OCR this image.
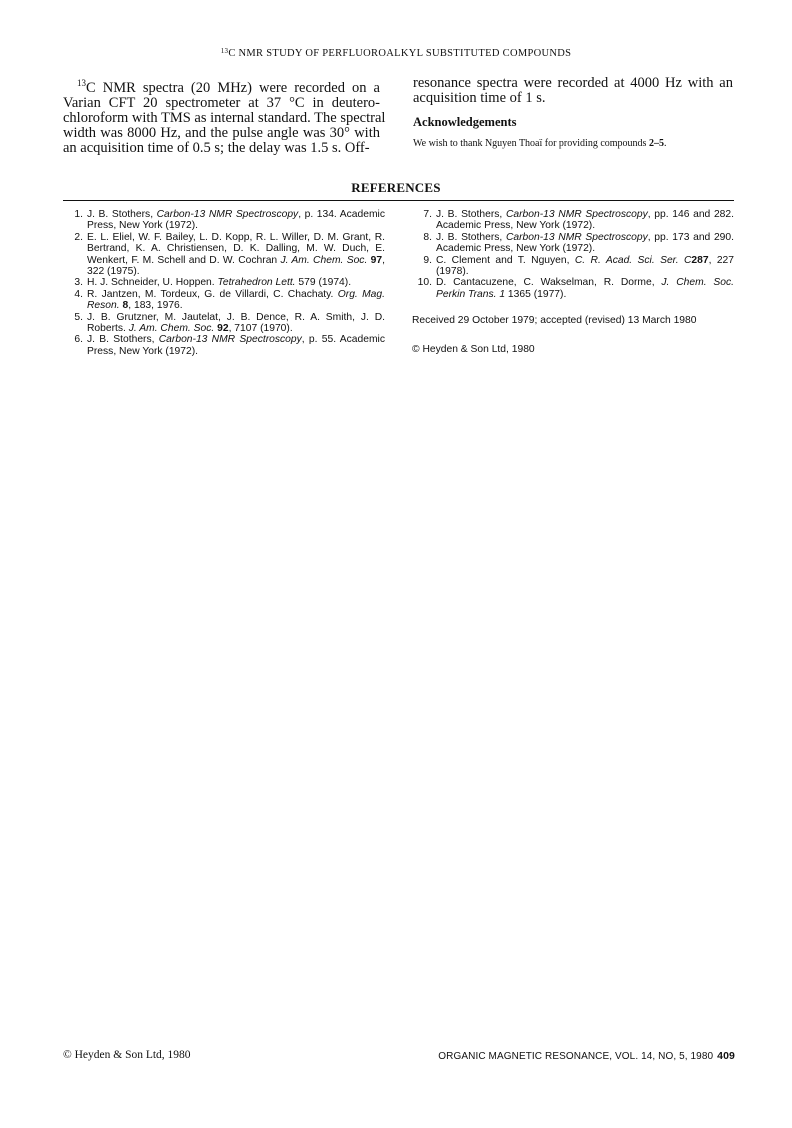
$^{13}$C NMR STUDY OF PERFLUOROALKYL SUBSTITUTED COMPOUNDS

$^{13}$C NMR spectra (20 MHz) were recorded on a
Varian CFT 20 spectrometer at 37 °C in deutero-
chloroform with TMS as internal standard. The spectral
width was 8000 Hz, and the pulse angle was 30° with
an acquisition time of 0.5 s; the delay was 1.5 s. Off-

resonance spectra were recorded at 4000 Hz with an
acquisition time of 1 s.

Acknowledgements

We wish to thank Nguyen Thoaï for providing compounds 2–5.

REFERENCES
1. J. B. Stothers, Carbon-13 NMR Spectroscopy, p. 134. Academic Press, New York (1972).
2. E. L. Eliel, W. F. Bailey, L. D. Kopp, R. L. Willer, D. M. Grant, R. Bertrand, K. A. Christiensen, D. K. Dalling, M. W. Duch, E. Wenkert, F. M. Schell and D. W. Cochran J. Am. Chem. Soc. 97, 322 (1975).
3. H. J. Schneider, U. Hoppen. Tetrahedron Lett. 579 (1974).
4. R. Jantzen, M. Tordeux, G. de Villardi, C. Chachaty. Org. Mag. Reson. 8, 183, 1976.
5. J. B. Grutzner, M. Jautelat, J. B. Dence, R. A. Smith, J. D. Roberts. J. Am. Chem. Soc. 92, 7107 (1970).
6. J. B. Stothers, Carbon-13 NMR Spectroscopy, p. 55. Academic Press, New York (1972).
7. J. B. Stothers, Carbon-13 NMR Spectroscopy, pp. 146 and 282. Academic Press, New York (1972).
8. J. B. Stothers, Carbon-13 NMR Spectroscopy, pp. 173 and 290. Academic Press, New York (1972).
9. C. Clement and T. Nguyen, C. R. Acad. Sci. Ser. C287, 227 (1978).
10. D. Cantacuzene, C. Wakselman, R. Dorme, J. Chem. Soc. Perkin Trans. 1 1365 (1977).
Received 29 October 1979; accepted (revised) 13 March 1980
© Heyden & Son Ltd, 1980
© Heyden & Son Ltd, 1980	ORGANIC MAGNETIC RESONANCE, VOL. 14, NO, 5, 1980 409
